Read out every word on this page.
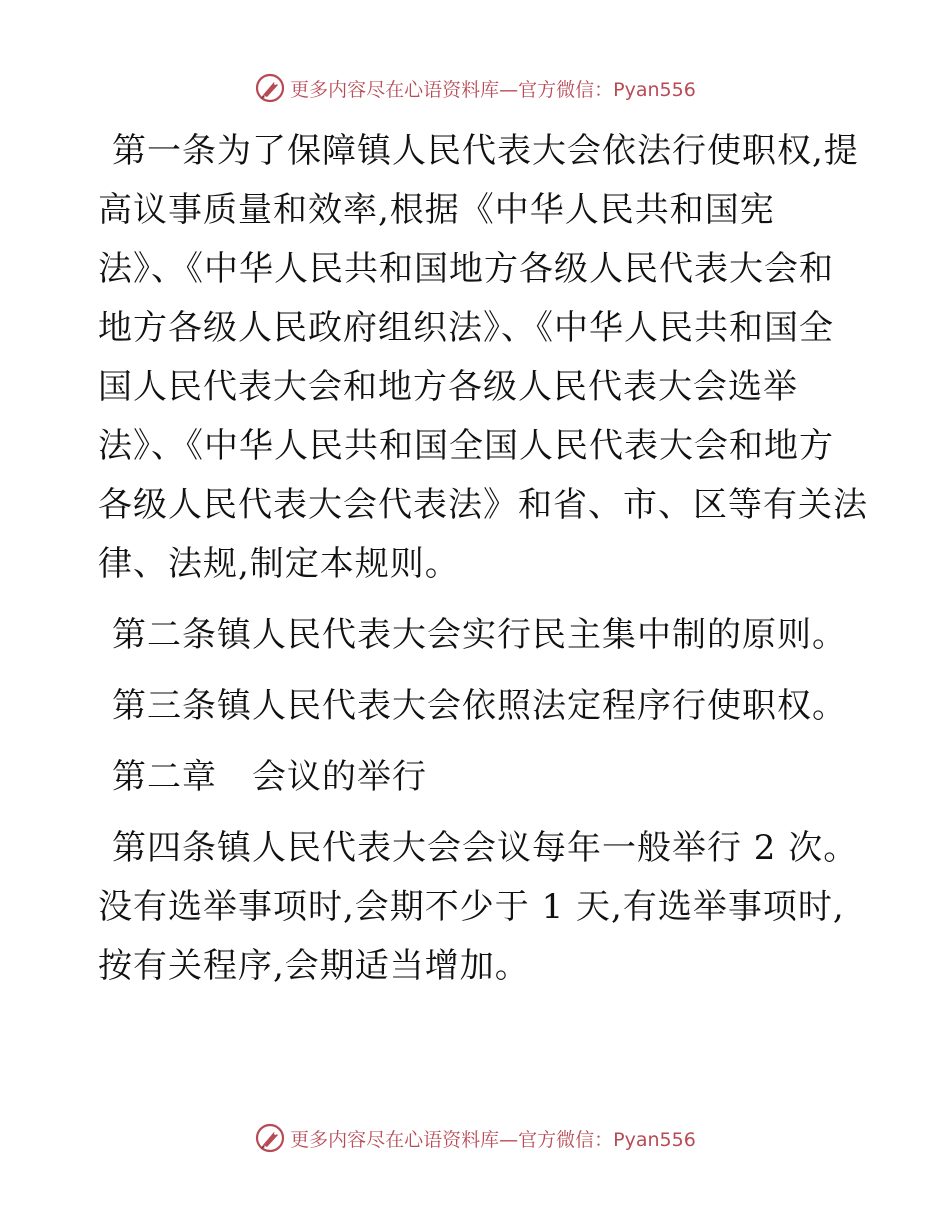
更多内容尽在心语资料库—官方微信：Pyan556
第一条为了保障镇人民代表大会依法行使职权,提
高议事质量和效率,根据《中华人民共和国宪
法》、《中华人民共和国地方各级人民代表大会和
地方各级人民政府组织法》、《中华人民共和国全
国人民代表大会和地方各级人民代表大会选举
法》、《中华人民共和国全国人民代表大会和地方
各级人民代表大会代表法》和省、市、区等有关法
律、法规,制定本规则。
第二条镇人民代表大会实行民主集中制的原则。
第三条镇人民代表大会依照法定程序行使职权。
第二章　会议的举行
第四条镇人民代表大会会议每年一般举行 2 次。
没有选举事项时,会期不少于 1 天,有选举事项时,
按有关程序,会期适当增加。
更多内容尽在心语资料库—官方微信：Pyan556
